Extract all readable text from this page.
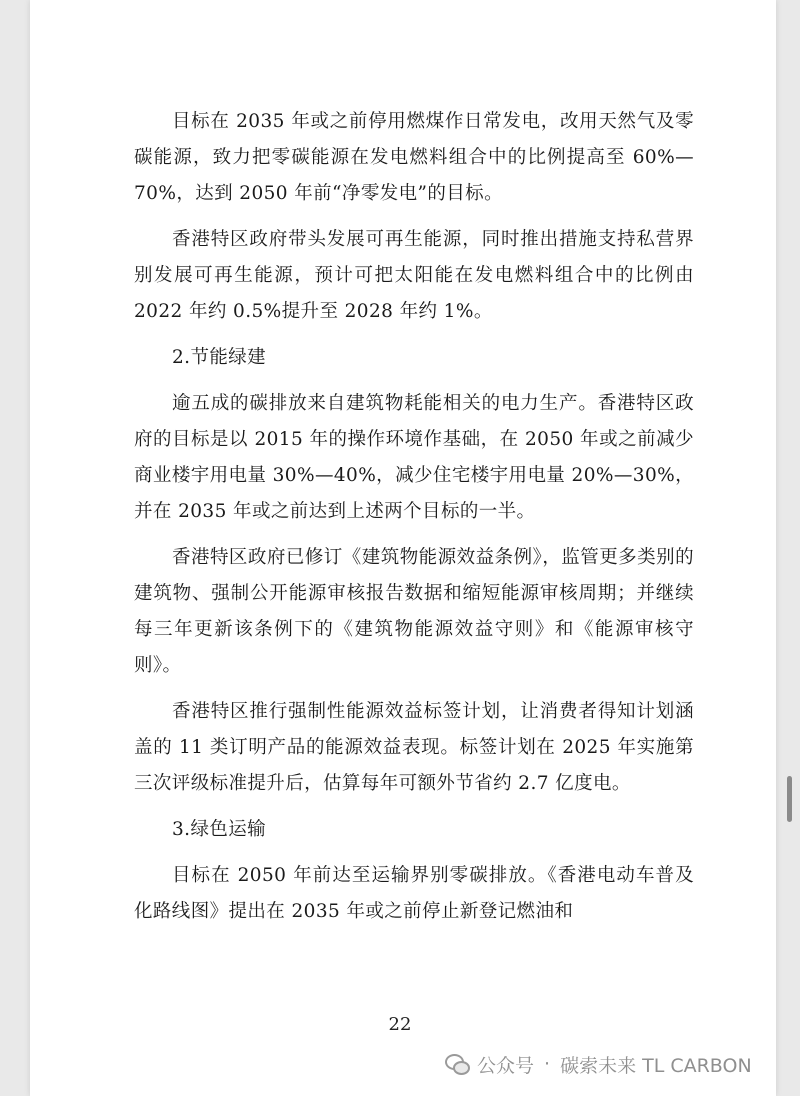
目标在 2035 年或之前停用燃煤作日常发电，改用天然气及零碳能源，致力把零碳能源在发电燃料组合中的比例提高至 60%—70%，达到 2050 年前“净零发电”的目标。

香港特区政府带头发展可再生能源，同时推出措施支持私营界别发展可再生能源，预计可把太阳能在发电燃料组合中的比例由 2022 年约 0.5%提升至 2028 年约 1%。

2.节能绿建

逾五成的碳排放来自建筑物耗能相关的电力生产。香港特区政府的目标是以 2015 年的操作环境作基础，在 2050 年或之前减少商业楼宇用电量 30%—40%，减少住宅楼宇用电量 20%—30%，并在 2035 年或之前达到上述两个目标的一半。

香港特区政府已修订《建筑物能源效益条例》，监管更多类别的建筑物、强制公开能源审核报告数据和缩短能源审核周期；并继续每三年更新该条例下的《建筑物能源效益守则》和《能源审核守则》。

香港特区推行强制性能源效益标签计划，让消费者得知计划涵盖的 11 类订明产品的能源效益表现。标签计划在 2025 年实施第三次评级标准提升后，估算每年可额外节省约 2.7 亿度电。

3.绿色运输

目标在 2050 年前达至运输界别零碳排放。《香港电动车普及化路线图》提出在 2035 年或之前停止新登记燃油和

22
公众号 · 碳索未来 TL CARBON
